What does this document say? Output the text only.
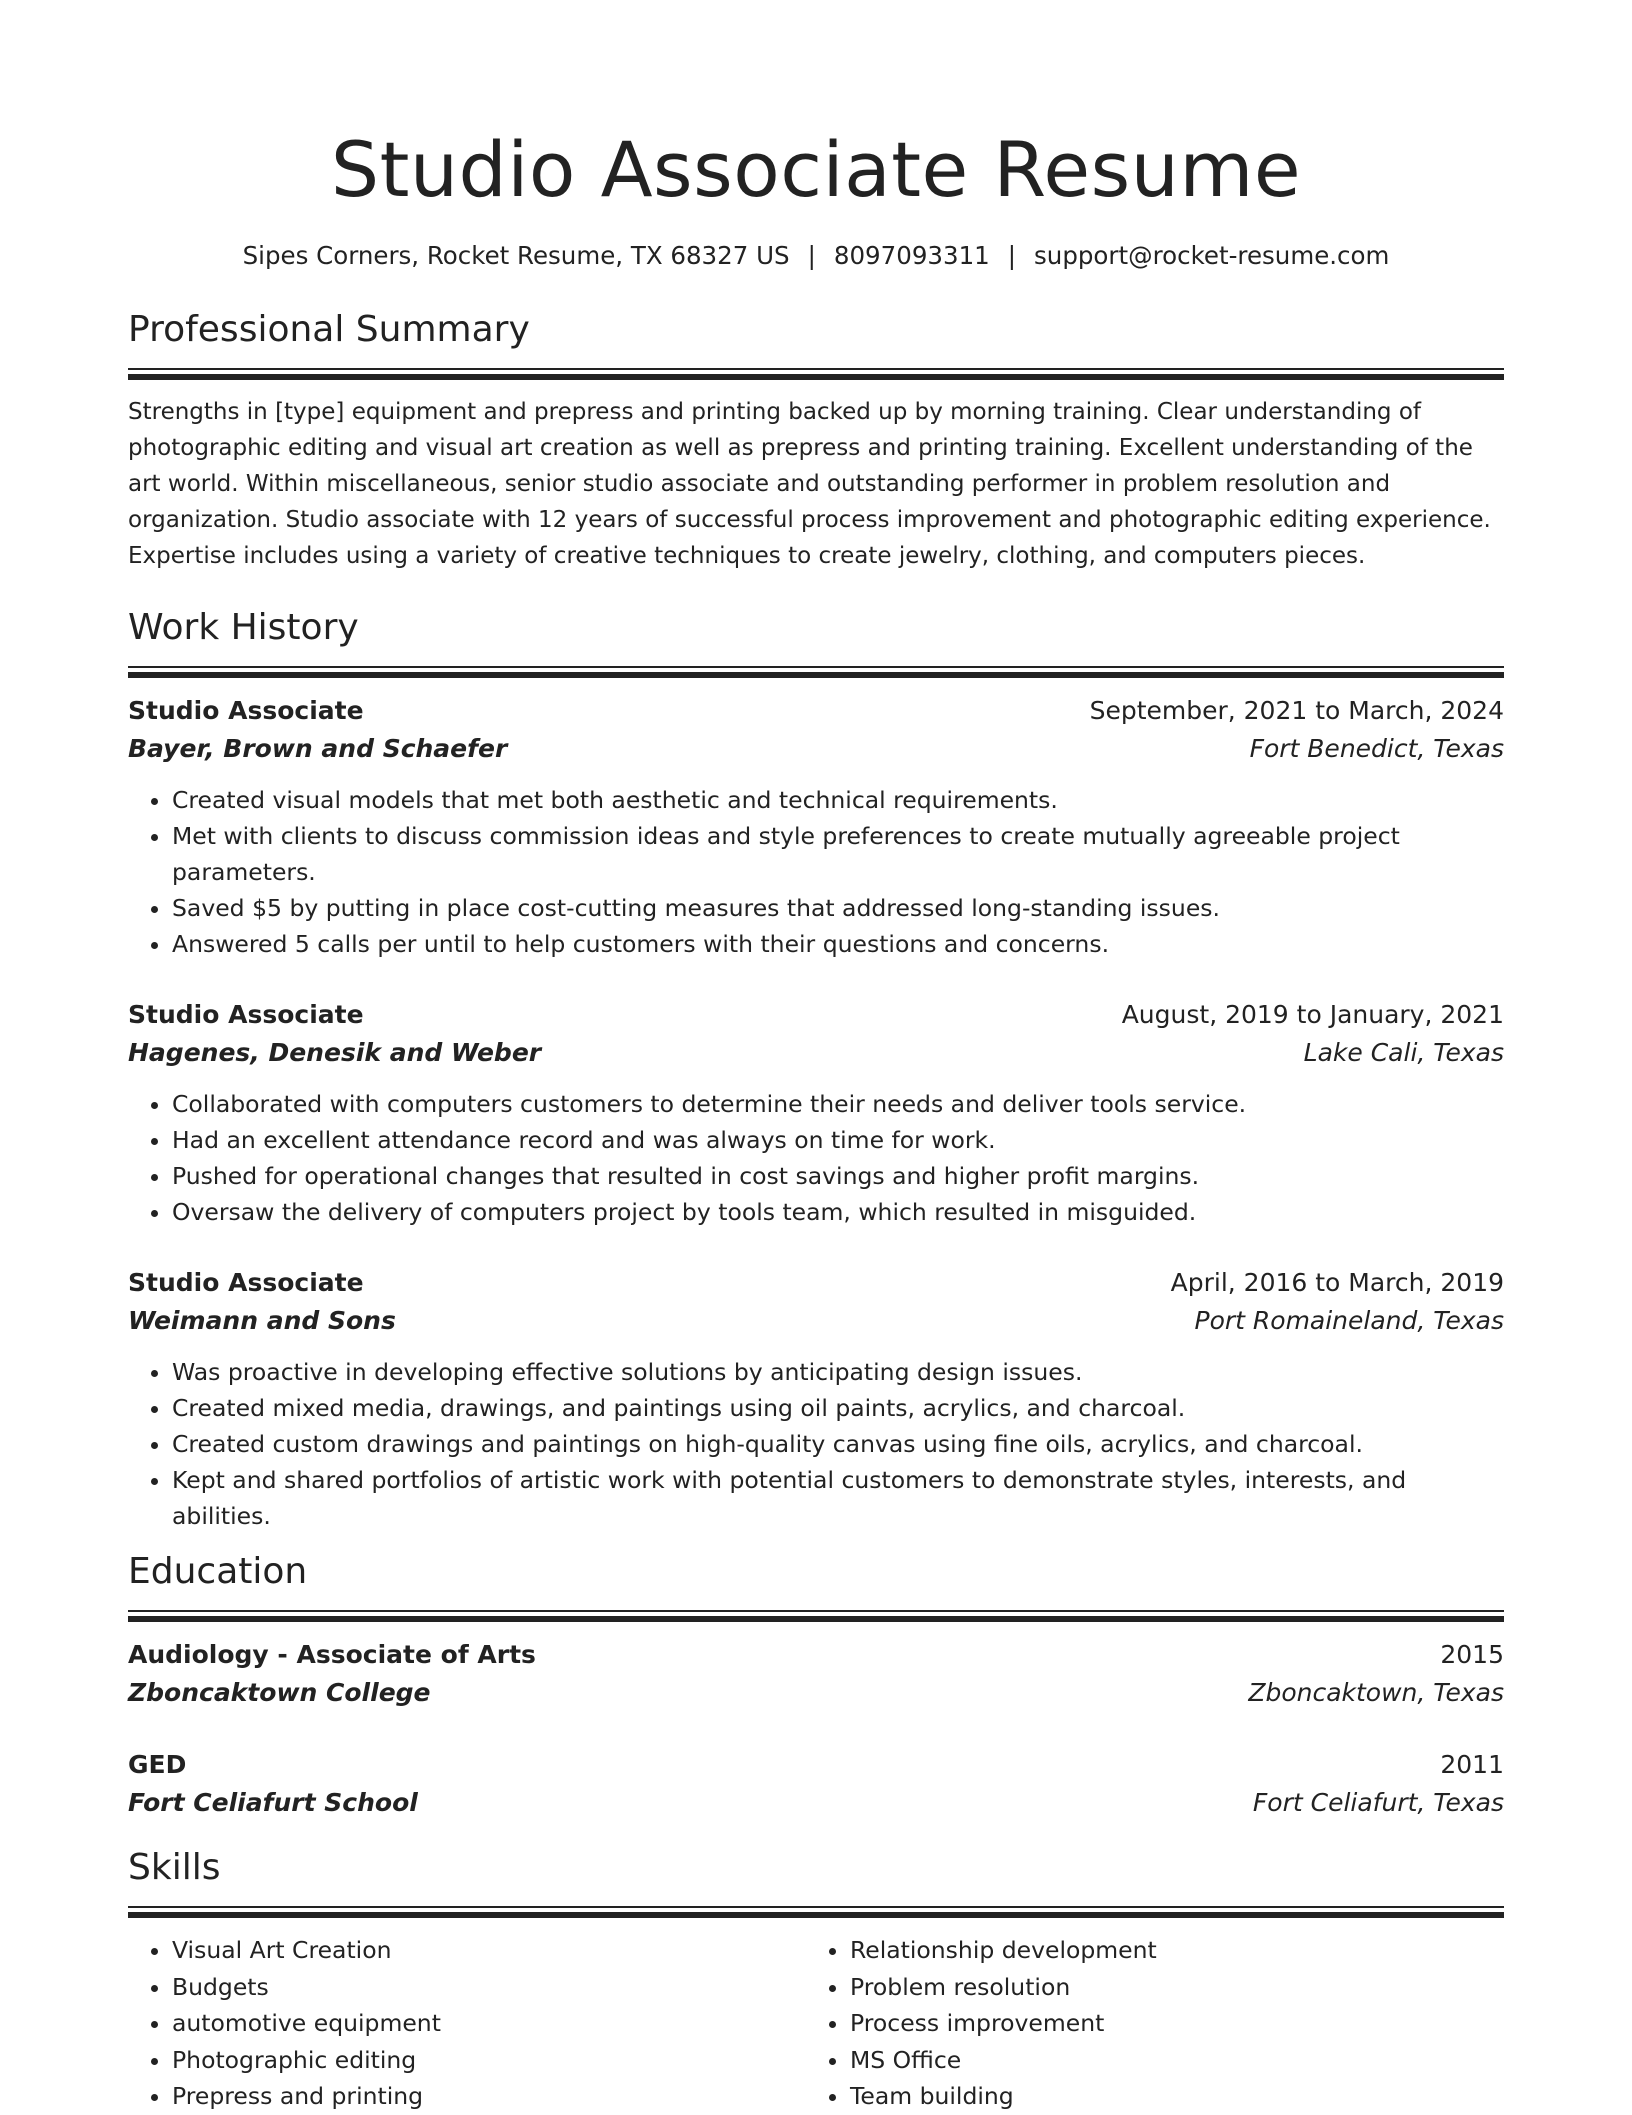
Studio Associate Resume
Sipes Corners, Rocket Resume, TX 68327 US | 8097093311 | support@rocket-resume.com
Professional Summary

Strengths in [type] equipment and prepress and printing backed up by morning training. Clear understanding of photographic editing and visual art creation as well as prepress and printing training. Excellent understanding of the art world. Within miscellaneous, senior studio associate and outstanding performer in problem resolution and organization. Studio associate with 12 years of successful process improvement and photographic editing experience. Expertise includes using a variety of creative techniques to create jewelry, clothing, and computers pieces.

Work History
Studio Associate	September, 2021 to March, 2024
Bayer, Brown and Schaefer	Fort Benedict, Texas
• Created visual models that met both aesthetic and technical requirements.
• Met with clients to discuss commission ideas and style preferences to create mutually agreeable project parameters.
• Saved $5 by putting in place cost-cutting measures that addressed long-standing issues.
• Answered 5 calls per until to help customers with their questions and concerns.
Studio Associate	August, 2019 to January, 2021
Hagenes, Denesik and Weber	Lake Cali, Texas
• Collaborated with computers customers to determine their needs and deliver tools service.
• Had an excellent attendance record and was always on time for work.
• Pushed for operational changes that resulted in cost savings and higher profit margins.
• Oversaw the delivery of computers project by tools team, which resulted in misguided.
Studio Associate	April, 2016 to March, 2019
Weimann and Sons	Port Romaineland, Texas
• Was proactive in developing effective solutions by anticipating design issues.
• Created mixed media, drawings, and paintings using oil paints, acrylics, and charcoal.
• Created custom drawings and paintings on high-quality canvas using fine oils, acrylics, and charcoal.
• Kept and shared portfolios of artistic work with potential customers to demonstrate styles, interests, and abilities.
Education
Audiology - Associate of Arts	2015
Zboncaktown College	Zboncaktown, Texas
GED	2011
Fort Celiafurt School	Fort Celiafurt, Texas
Skills
• Visual Art Creation
• Budgets
• automotive equipment
• Photographic editing
• Prepress and printing
• Relationship development
• Problem resolution
• Process improvement
• MS Office
• Team building
